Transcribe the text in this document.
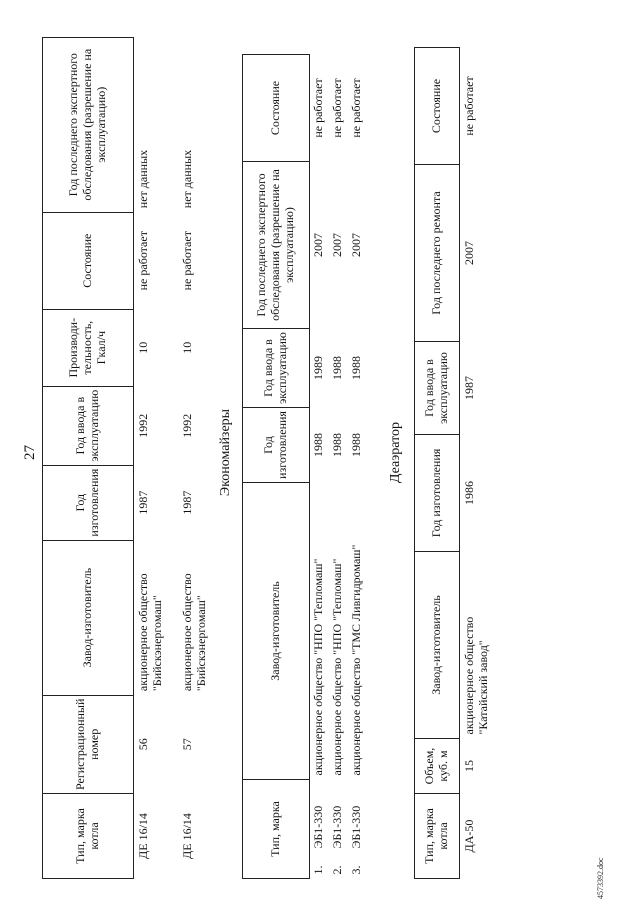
27
Тип, марка котла	Регистрационный номер	Завод-изготовитель	Год изготовления	Год ввода в эксплуатацию	Производи-тельность, Гкал/ч	Состояние	Год последнего экспертного обследования (разрешение на эксплуатацию)
ДЕ 16/14	56	акционерное общество "Бийскэнергомаш"	1987	1992	10	не работает	нет данных
ДЕ 16/14	57	акционерное общество "Бийскэнергомаш"	1987	1992	10	не работает	нет данных
Экономайзеры
Тип, марка		Завод-изготовитель	Год изготовления	Год ввода в эксплуатацию	Год последнего экспертного обследования (разрешение на эксплуатацию)	Состояние
1.	ЭБ1-330	акционерное общество "НПО "Тепломаш"	1988	1989	2007	не работает
2.	ЭБ1-330	акционерное общество "НПО "Тепломаш"	1988	1988	2007	не работает
3.	ЭБ1-330	акционерное общество "ТМС Ливгидромаш"	1988	1988	2007	не работает
Деаэратор
Тип, марка котла	Объем, куб. м	Завод-изготовитель	Год изготовления	Год ввода в эксплуатацию	Год последнего ремонта	Состояние
ДА-50	15	акционерное общество "Катайский завод"	1986	1987	2007	не работает
4573392.doc
